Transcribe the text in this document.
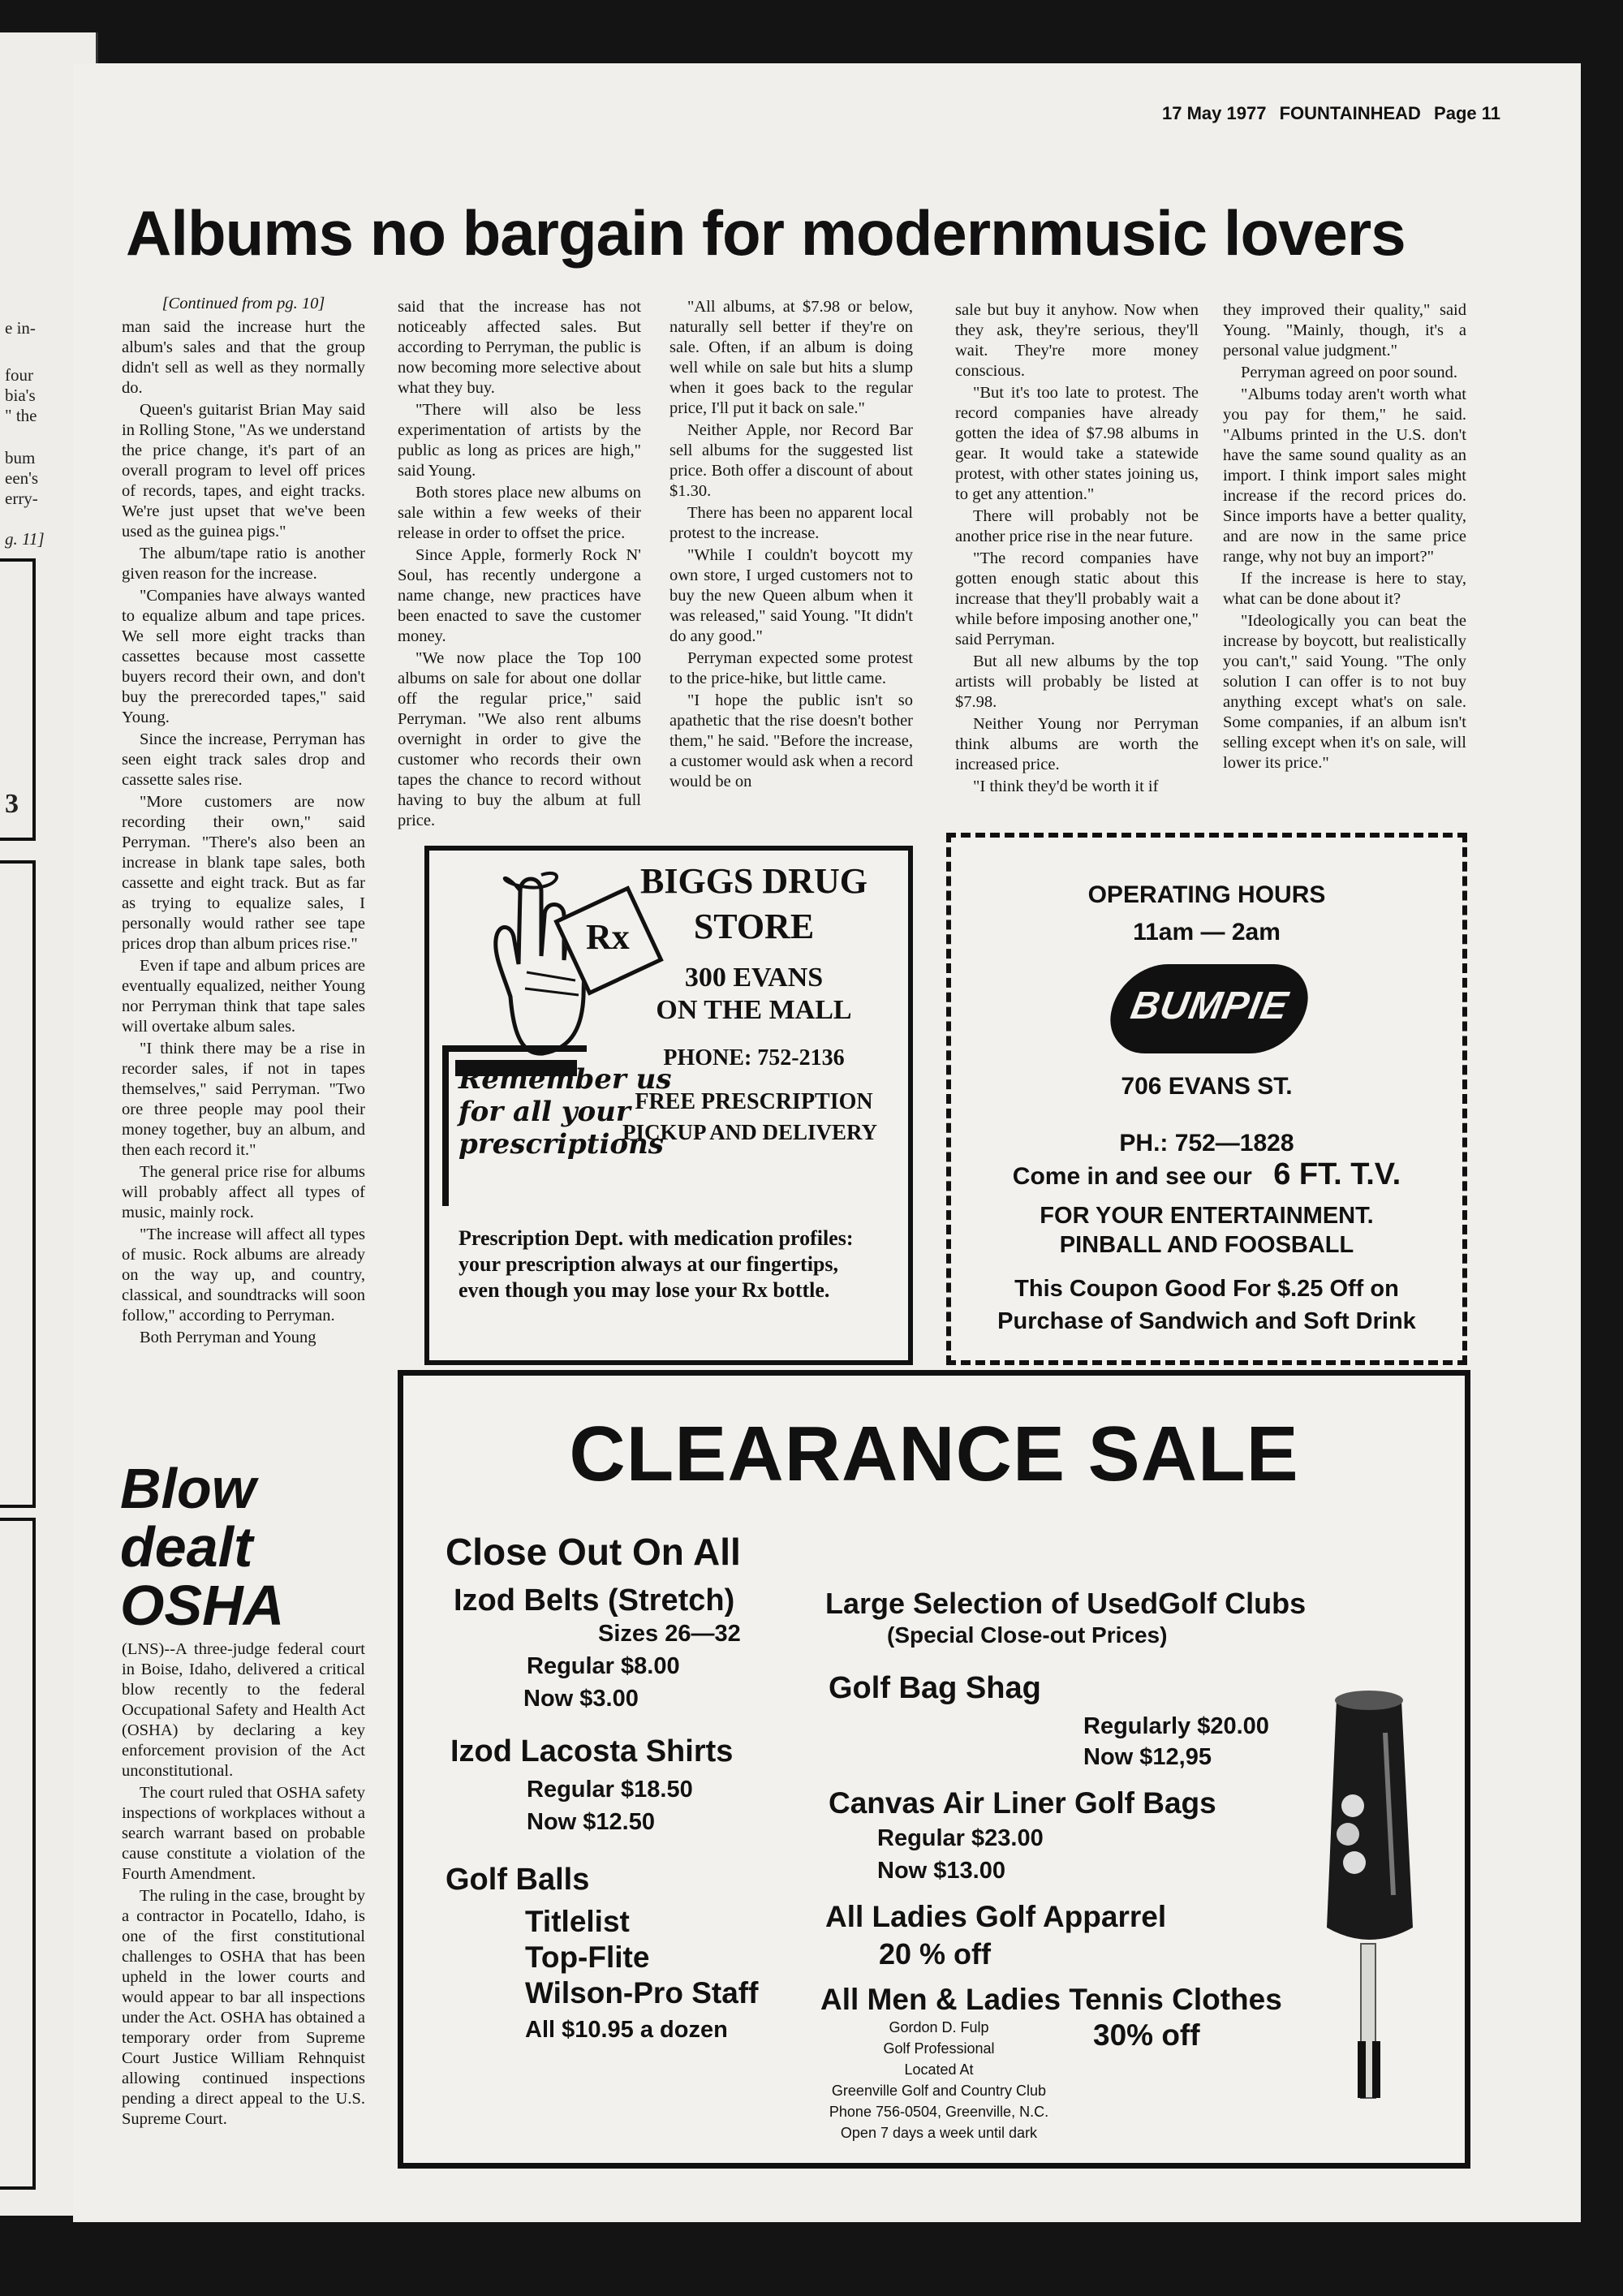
e in-
four
bia's
" the
bum
een's
erry-
g. 11]
3
17 May 1977 FOUNTAINHEAD Page 11
Albums no bargain for modernmusic lovers
[Continued from pg. 10]

man said the increase hurt the album's sales and that the group didn't sell as well as they normally do.

Queen's guitarist Brian May said in Rolling Stone, "As we understand the price change, it's part of an overall program to level off prices of records, tapes, and eight tracks. We're just upset that we've been used as the guinea pigs."

The album/tape ratio is another given reason for the increase.

"Companies have always wanted to equalize album and tape prices. We sell more eight tracks than cassettes because most cassette buyers record their own, and don't buy the prerecorded tapes," said Young.

Since the increase, Perryman has seen eight track sales drop and cassette sales rise.

"More customers are now recording their own," said Perryman. "There's also been an increase in blank tape sales, both cassette and eight track. But as far as trying to equalize sales, I personally would rather see tape prices drop than album prices rise."

Even if tape and album prices are eventually equalized, neither Young nor Perryman think that tape sales will overtake album sales.

"I think there may be a rise in recorder sales, if not in tapes themselves," said Perryman. "Two ore three people may pool their money together, buy an album, and then each record it."

The general price rise for albums will probably affect all types of music, mainly rock.

"The increase will affect all types of music. Rock albums are already on the way up, and country, classical, and soundtracks will soon follow," according to Perryman.

Both Perryman and Young

said that the increase has not noticeably affected sales. But according to Perryman, the public is now becoming more selective about what they buy.

"There will also be less experimentation of artists by the public as long as prices are high," said Young.

Both stores place new albums on sale within a few weeks of their release in order to offset the price.

Since Apple, formerly Rock N' Soul, has recently undergone a name change, new practices have been enacted to save the customer money.

"We now place the Top 100 albums on sale for about one dollar off the regular price," said Perryman. "We also rent albums overnight in order to give the customer who records their own tapes the chance to record without having to buy the album at full price.

"All albums, at $7.98 or below, naturally sell better if they're on sale. Often, if an album is doing well while on sale but hits a slump when it goes back to the regular price, I'll put it back on sale."

Neither Apple, nor Record Bar sell albums for the suggested list price. Both offer a discount of about $1.30.

There has been no apparent local protest to the increase.

"While I couldn't boycott my own store, I urged customers not to buy the new Queen album when it was released," said Young. "It didn't do any good."

Perryman expected some protest to the price-hike, but little came.

"I hope the public isn't so apathetic that the rise doesn't bother them," he said. "Before the increase, a customer would ask when a record would be on

sale but buy it anyhow. Now when they ask, they're serious, they'll wait. They're more money conscious.

"But it's too late to protest. The record companies have already gotten the idea of $7.98 albums in gear. It would take a statewide protest, with other states joining us, to get any attention."

There will probably not be another price rise in the near future.

"The record companies have gotten enough static about this increase that they'll probably wait a while before imposing another one," said Perryman.

But all new albums by the top artists will probably be listed at $7.98.

Neither Young nor Perryman think albums are worth the increased price.

"I think they'd be worth it if

they improved their quality," said Young. "Mainly, though, it's a personal value judgment."

Perryman agreed on poor sound.

"Albums today aren't worth what you pay for them," he said. "Albums printed in the U.S. don't have the same sound quality as an import. I think import sales might increase if the record prices do. Since imports have a better quality, and are now in the same price range, why not buy an import?"

If the increase is here to stay, what can be done about it?

"Ideologically you can beat the increase by boycott, but realistically you can't," said Young. "The only solution I can offer is to not buy anything except what's on sale. Some companies, if an album isn't selling except when it's on sale, will lower its price."

Blow
dealt
OSHA

(LNS)--A three-judge federal court in Boise, Idaho, delivered a critical blow recently to the federal Occupational Safety and Health Act (OSHA) by declaring a key enforcement provision of the Act unconstitutional.

The court ruled that OSHA safety inspections of workplaces without a search warrant based on probable cause constitute a violation of the Fourth Amendment.

The ruling in the case, brought by a contractor in Pocatello, Idaho, is one of the first constitutional challenges to OSHA that has been upheld in the lower courts and would appear to bar all inspections under the Act. OSHA has obtained a temporary order from Supreme Court Justice William Rehnquist allowing continued inspections pending a direct appeal to the U.S. Supreme Court.

Rx
Remember us
for all your
prescriptions
BIGGS DRUG
STORE
300 EVANS
ON THE MALL
PHONE: 752-2136
FREE PRESCRIPTION
PICKUP AND DELIVERY
Prescription Dept. with medication profiles: your prescription always at our fingertips, even though you may lose your Rx bottle.
OPERATING HOURS
11am — 2am
BUMPIE
706 EVANS ST.
PH.: 752—1828
Come in and see our 6 FT. T.V.
FOR YOUR ENTERTAINMENT.
PINBALL AND FOOSBALL
This Coupon Good For $.25 Off on
Purchase of Sandwich and Soft Drink
CLEARANCE SALE
Close Out On All
Izod Belts (Stretch)
Sizes 26—32
Regular $8.00
Now $3.00
Izod Lacosta Shirts
Regular $18.50
Now $12.50
Golf Balls
Titlelist
Top-Flite
Wilson-Pro Staff
All $10.95 a dozen
Large Selection of UsedGolf Clubs
(Special Close-out Prices)
Golf Bag Shag
Regularly $20.00
Now $12,95
Canvas Air Liner Golf Bags
Regular $23.00
Now $13.00
All Ladies Golf Apparrel
20 % off
All Men & Ladies Tennis Clothes
30% off
Gordon D. Fulp
Golf Professional
Located At
Greenville Golf and Country Club
Phone 756-0504, Greenville, N.C.
Open 7 days a week until dark
